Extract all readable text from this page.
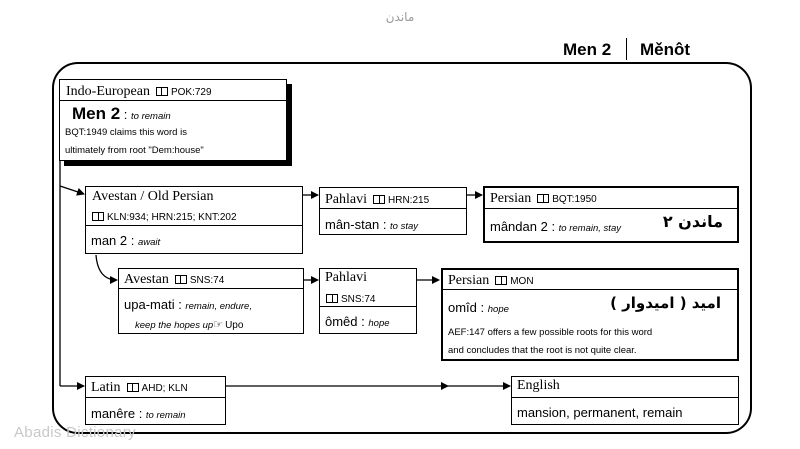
ماندن
Men 2 Měnôt
Indo-European POK:729
Men 2 : to remain
BQT:1949 claims this word is
ultimately from root "Dem:house"
Avestan / Old Persian
KLN:934; HRN:215; KNT:202
man 2 : await
Pahlavi HRN:215
mân-stan : to stay
Persian BQT:1950
mândan 2 : to remain, stay	ماندن ۲
Avestan SNS:74
upa-mati : remain, endure,
keep the hopes up☞ Upo
Pahlavi
SNS:74
ômêd : hope
Persian MON
omîd : hope	امید ( امیدوار )
AEF:147 offers a few possible roots for this word
and concludes that the root is not quite clear.
Latin AHD; KLN
manêre : to remain
English
mansion, permanent, remain
Abadis Dictionary
